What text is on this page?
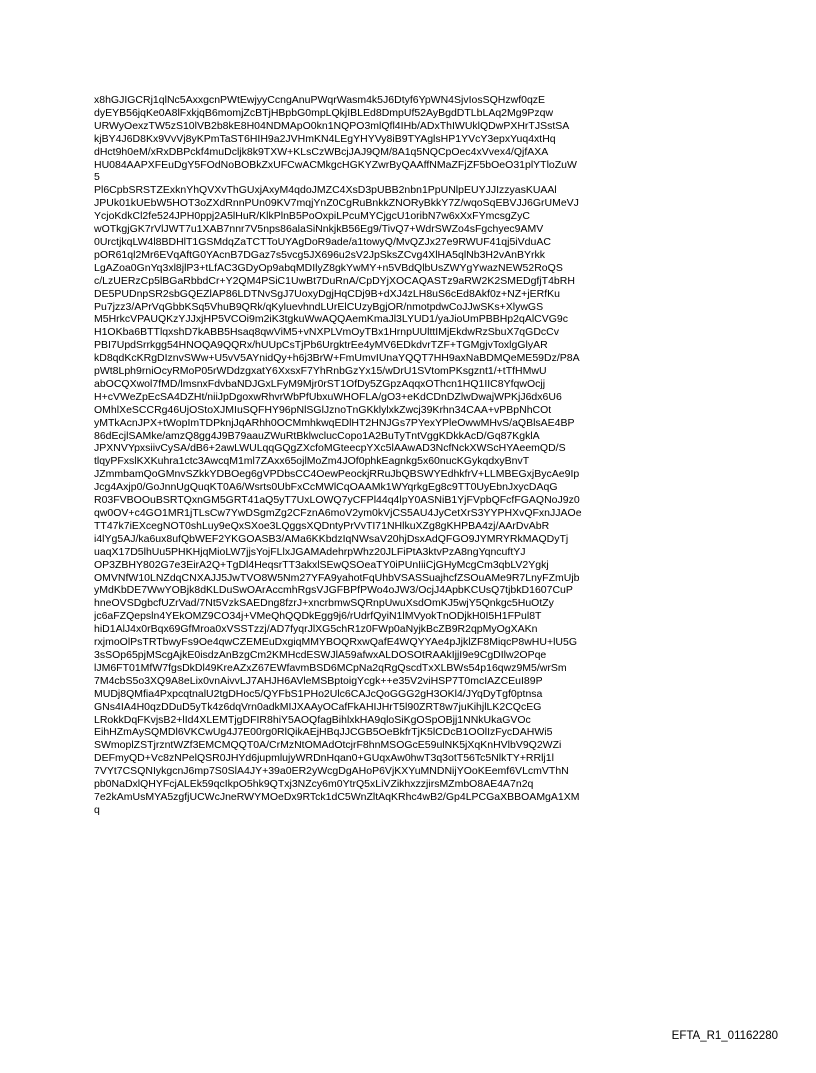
x8hGJIGCRj1qlNc5AxxgcnPWtEwjyyCcngAnuPWqrWasm4k5J6Dtyf6YpWN4SjvIosSQHzwf0qzE
dyEYB56jqKe0A8lFxkjqB6momjZcBTjHBpbG0mpLQkjIBLEd8DmpUf52AyBgdDTLbLAq2Mg9Pzqw
URWyOexzTW5zS10lVB2b8kE8H04NDMApO0kn1NQPO3mlQfl4IHb/ADxThIWUklQDwPXHrTJSstSA
kjBY4J6D8Kx9VvVj8yKPmTaST6HIH9a2JVHmKN4LEgYHYVy8iB9TYAglsHP1YVcY3epxYuq4xtHq
dHct9h0eM/xRxDBPckf4muDcljk8k9TXW+KLsCzWBcjJAJ9QM/8A1q5NQCpOec4xVvex4/QjfAXA
HU084AAPXFEuDgY5FOdNoBOBkZxUFCwACMkgcHGKYZwrByQAAffNMaZFjZF5bOeO31plYTloZuW
5
Pl6CpbSRSTZExknYhQVXvThGUxjAxyM4qdoJMZC4XsD3pUBB2nbn1PpUNlpEUYJJIzzyasKUAAl
JPUk01kUEbW5HOT3oZXdRnnPUn09KV7mqjYnZ0CgRuBnkkZNORyBkkY7Z/wqoSqEBVJJ6GrUMeVJ
YcjoKdkCl2fe524JPH0ppj2A5lHuR/KlkPlnB5PoOxpiLPcuMYCjgcU1oribN7w6xXxFYmcsgZyC
wOTkgjGK7rVlJWT7u1XAB7nnr7V5nps86alaSiNnkjkB56Eg9/TivQ7+WdrSWZo4sFgchyec9AMV
0UrctjkqLW4l8BDHlT1GSMdqZaTCTToUYAgDoR9ade/a1towyQ/MvQZJx27e9RWUF41qj5iVduAC
pOR61ql2Mr6EVqAftG0YAcnB7DGaz7s5vcg5JX696u2sV2JpSksZCvg4XlHA5qlNb3H2vAnBYrkk
LgAZoa0GnYq3xl8jlP3+tLfAC3GDyOp9abqMDIlyZ8gkYwMY+n5VBdQlbUsZWYgYwazNEW52RoQS
c/LzUERzCp5lBGaRbbdCr+Y2QM4PSiC1UwBt7DuRnA/CpDYjXOCAQASTz9aRW2K2SMEDgfjT4bRH
DE5PUDnpSR2sbGQEZlAP86LDTNvSgJ7UoxyDgjHqCDj9B+dXJ4zLH8uS6cEd8Akf0z+NZ+jERfKu
Pu7jzz3/APrVqGbbKSq5VhuB9QRk/qKyluevhndLUrElCUzyBgjOR/nmotpdwCoJJwSKs+XlywGS
M5HrkcVPAUQKzYJJxjHP5VCOi9m2iK3tgkuWwAQQAemKmaJl3LYUD1/yaJioUmPBBHp2qAlCVG9c
H1OKba6BTTlqxshD7kABB5Hsaq8qwViM5+vNXPLVmOyTBx1HrnpUUlttIMjEkdwRzSbuX7qGDcCv
PBI7UpdSrrkgg54HNOQA9QQRx/hUUpCsTjPb6UrgktrEe4yMV6EDkdvrTZF+TGMgjvToxlgGlyAR
kD8qdKcKRgDIznvSWw+U5vV5AYnidQy+h6j3BrW+FmUmvIUnaYQQT7HH9axNaBDMQeME59Dz/P8A
pWt8Lph9rniOcyRMoP05rWDdzgxatY6XxsxF7YhRnbGzYx15/wDrU1SVtomPKsgznt1/+tTfHMwU
abOCQXwol7fMD/lmsnxFdvbaNDJGxLFyM9Mjr0rST1OfDy5ZGpzAqqxOThcn1HQ1IIC8YfqwOcjj
H+cVWeZpEcSA4DZHt/niiJpDgoxwRhvrWbPfUbxuWHOFLA/gO3+eKdCDnDZlwDwajWPKjJ6dx6U6
OMhlXeSCCRg46UjOStoXJMIuSQFHY96pNlSGlJznoTnGKklylxkZwcj39Krhn34CAA+vPBpNhCOt
yMTkAcnJPX+tWopImTDPknjJqARhh0OCMmhkwqEDlHT2HNJGs7PYexYPleOwwMHvS/aQBlsAE4BP
86dEcjlSAMke/amzQ8gg4J9B79aauZWuRtBklwclucCopo1A2BuTyTntVggKDkkAcD/Gq87KgklA
JPXNVYpxsiivCySA/dB6+2awLWULqqGQgZXcfoMGteecpYXc5lAAwAD3NcfNckXWScHYAeemQD/S
tlqyPFxslKXKuhra1ctc3AwcqM1ml7ZAxx65ojlMoZm4JOf0phkEagnkg5x60nucKGykqdxyBnvT
JZmmbamQoGMnvSZkkYDBOeg6gVPDbsCC4OewPeockjRRuJbQBSWYEdhkfrV+LLMBEGxjBycAe9Ip
Jcg4Axjp0/GoJnnUgQuqKT0A6/Wsrts0UbFxCcMWlCqOAAMk1WYqrkgEg8c9TT0UyEbnJxycDAqG
R03FVBOOuBSRTQxnGM5GRT41aQ5yT7UxLOWQ7yCFPl44q4lpY0ASNiB1YjFVpbQFcfFGAQNoJ9z0
qw0OV+c4GO1MR1jTLsCw7YwDSgmZg2CFznA6moV2ym0kVjCS5AU4JyCetXrS3YYPHXvQFxnJJAOe
TT47k7iEXcegNOT0shLuy9eQxSXoe3LQggsXQDntyPrVvTI71NHlkuXZg8gKHPBA4zj/AArDvAbR
i4lYg5AJ/ka6ux8ufQbWEF2YKGOASB3/AMa6KKbdzIqNWsaV20hjDsxAdQFGO9JYMRYRkMAQDyTj
uaqX17D5lhUu5PHKHjqMioLW7jjsYojFLlxJGAMAdehrpWhz20JLFiPtA3ktvPzA8ngYqncuftYJ
OP3ZBHY802G7e3EirA2Q+TgDl4HeqsrTT3akxlSEwQSOeaTY0iPUnIiiCjGHyMcgCm3qbLV2Ygkj
OMVNfW10LNZdqCNXAJJ5JwTVO8W5Nm27YFA9yahotFqUhbVSASSuajhcfZSOuAMe9R7LnyFZmUjb
yMdKbDE7WwYOBjk8dKLDuSwOArAccmhRgsVJGFBPfPWo4oJW3/OcjJ4ApbKCUsQ7tjbkD1607CuP
hneOVSDgbcfUZrVad/7Nt5VzkSAEDng8fzrJ+xncrbmwSQRnpUwuXsdOmKJ5wjY5Qnkgc5HuOtZy
jc6aFZQepsln4YEkOMZ9CO34j+VMeQhQQDkEgg9j6/rUdrfQyiN1lMVyokTnODjkH0I5H1FPul8T
hiD1AlJ4x0rBqx69GfMroa0xVSSTzzj/AD7fyqrJlXG5chR1z0FWp0aNyjkBcZB9R2qpMyOgXAKn
rxjmoOlPsTRTbwyFs9Oe4qwCZEMEuDxgiqMMYBOQRxwQafE4WQYYAe4pJjklZF8MiqcP8wHU+lU5G
3sSOp65pjMScgAjkE0isdzAnBzgCm2KMHcdESWJlA59afwxALDOSOtRAAkIjjI9e9CgDIlw2OPqe
lJM6FT01MfW7fgsDkDl49KreAZxZ67EWfavmBSD6MCpNa2qRgQscdTxXLBWs54p16qwz9M5/wrSm
7M4cbS5o3XQ9A8eLix0vnAivvLJ7AHJH6AVleMSBptoigYcgk++e35V2viHSP7T0mcIAZCEuI89P
MUDj8QMfia4PxpcqtnalU2tgDHoc5/QYFbS1PHo2Ulc6CAJcQoGGG2gH3OKl4/JYqDyTgf0ptnsa
GNs4IA4H0qzDDuD5yTk4z6dqVrn0adkMIJXAAyOCafFkAHIJHrT5l90ZRT8w7juKihjlLK2CQcEG
LRokkDqFKvjsB2+lId4XLEMTjgDFIR8hiY5AOQfagBihlxkHA9qloSiKgOSpOBjj1NNkUkaGVOc
EihHZmAySQMDl6VKCwUg4J7E00rg0RlQikAEjHBqJJCGB5OeBkfrTjK5lCDcB1OOlIzFycDAHWi5
SWmoplZSTjrzntWZf3EMCMQQT0A/CrMzNtOMAdOtcjrF8hnMSOGcE59ulNK5jXqKnHVlbV9Q2WZi
DEFmyQD+Vc8zNPelQSR0JHYd6jupmlujyWRDnHqan0+GUqxAw0hwT3q3otT56Tc5NlkTY+RRlj1l
7VYt7CSQNIykgcnJ6mp7S0SlA4JY+39a0ER2yWcgDgAHoP6VjKXYuMNDNijYOoKEemf6VLcmVThN
pb0NaDxlQHYFcjALEk59qcIkpO5hk9QTxj3NZcy6m0YtrQ5xLiVZikhxzzjirsMZmbO8AE4A7n2q
7e2kAmUsMYA5zgfjUCWcJneRWYMOeDx9RTck1dC5WnZltAqKRhc4wB2/Gp4LPCGaXBBOAMgA1XM
q
EFTA_R1_01162280
